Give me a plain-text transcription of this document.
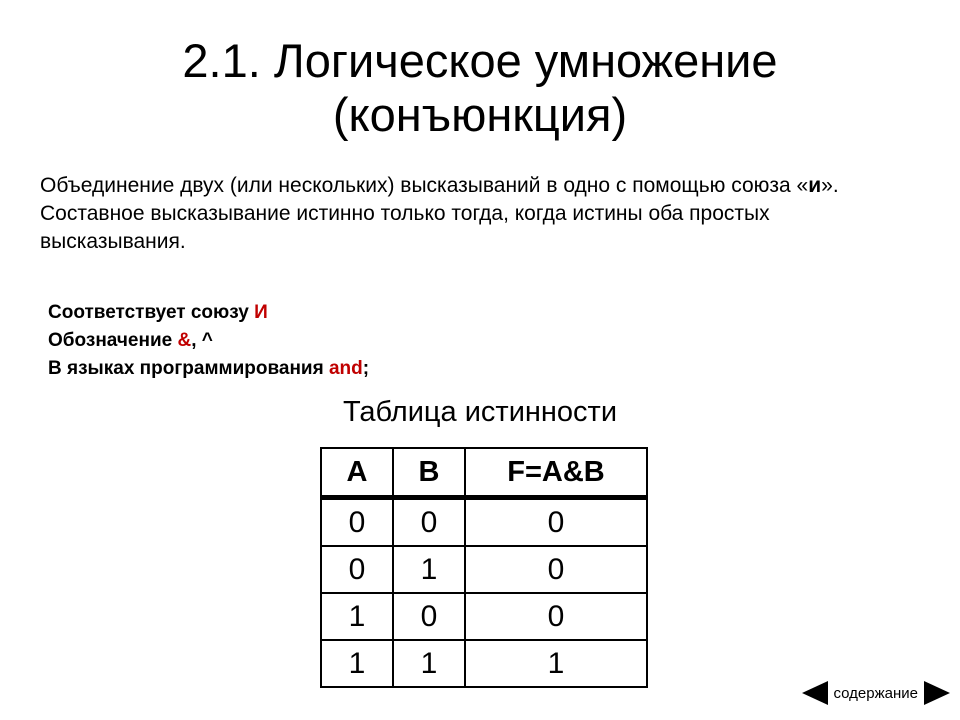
2.1. Логическое умножение
(конъюнкция)

Объединение двух (или нескольких) высказываний в одно с помощью союза «и».

Составное высказывание истинно только тогда, когда истины оба простых высказывания.

Соответствует союзу И
Обозначение &, ^
В языках программирования and;
Таблица истинности
A	B	F=A&B
0	0	0
0	1	0
1	0	0
1	1	1
содержание
